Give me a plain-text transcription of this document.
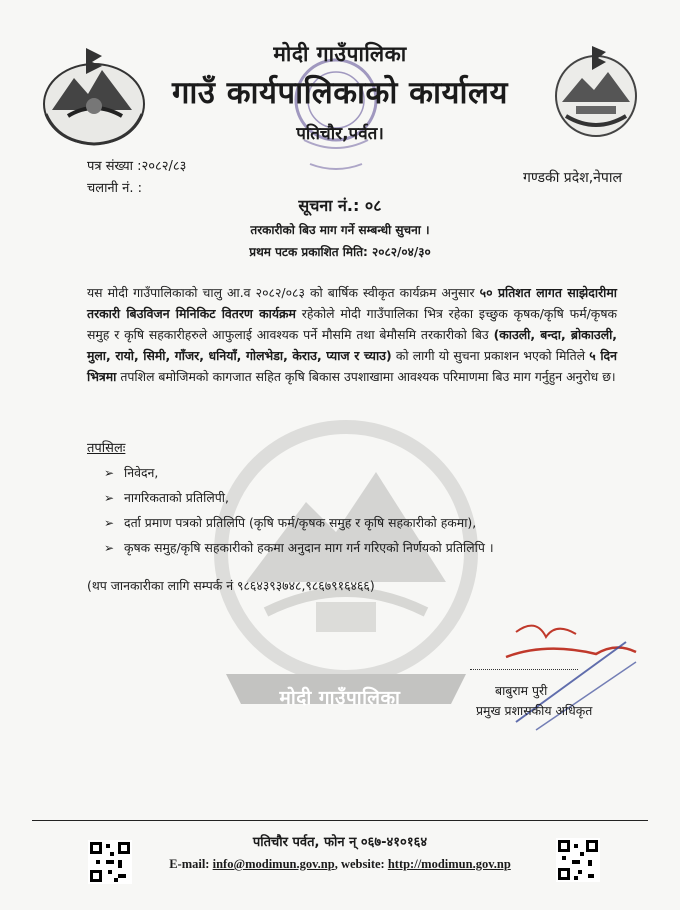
मोदी गाउँपालिका
गाउँ कार्यपालिकाको कार्यालय
पतिचौर,पर्वत।
पत्र संख्या :२०८२/८३
चलानी नं. :
गण्डकी प्रदेश,नेपाल
सूचना नं.: ०८
तरकारीको बिउ माग गर्ने सम्बन्धी सुचना ।
प्रथम पटक प्रकाशित मिति: २०८२/०४/३०
मोदी गाउँपालिका
यस मोदी गाउँपालिकाको चालु आ.व २०८२/०८३ को बार्षिक स्वीकृत कार्यक्रम अनुसार ५० प्रतिशत लागत साझेदारीमा तरकारी बिउविजन मिनिकिट वितरण कार्यक्रम रहेकोले मोदी गाउँपालिका भित्र रहेका इच्छुक कृषक/कृषि फर्म/कृषक समुह र कृषि सहकारीहरुले आफुलाई आवश्यक पर्ने मौसमि तथा बेमौसमि तरकारीको बिउ (काउली, बन्दा, ब्रोकाउली, मुला, रायो, सिमी, गाँजर, धनियाँ, गोलभेडा, केराउ, प्याज र च्याउ) को लागी यो सुचना प्रकाशन भएको मितिले ५ दिन भित्रमा तपशिल बमोजिमको कागजात सहित कृषि बिकास उपशाखामा आवश्यक परिमाणमा बिउ माग गर्नुहुन अनुरोध छ।
तपसिलः
➢ निवेदन,
➢ नागरिकताको प्रतिलिपी,
➢ दर्ता प्रमाण पत्रको प्रतिलिपि (कृषि फर्म/कृषक समुह र कृषि सहकारीको हकमा),
➢ कृषक समुह/कृषि सहकारीको हकमा अनुदान माग गर्न गरिएको निर्णयको प्रतिलिपि ।
(थप जानकारीका लागि सम्पर्क नं ९८६४३९३७४८,९८६७९१६४६६)
बाबुराम पुरी
प्रमुख प्रशासकीय अधिकृत
पतिचौर पर्वत, फोन न् ०६७-४१०१६४
E-mail: info@modimun.gov.np, website: http://modimun.gov.np
